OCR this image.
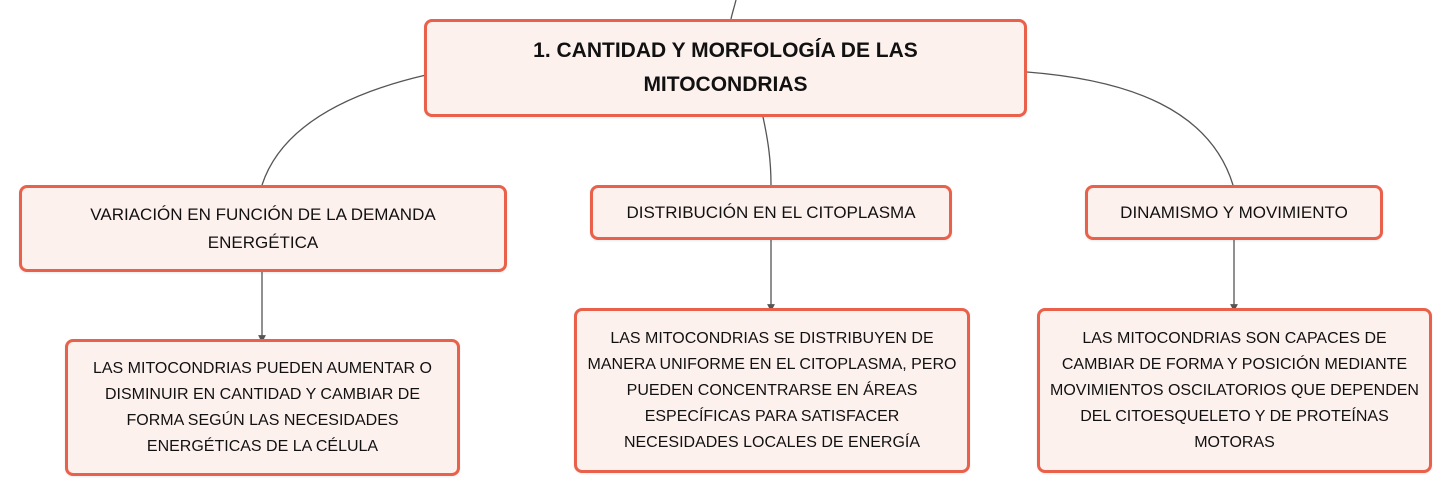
1. CANTIDAD Y MORFOLOGÍA DE LAS MITOCONDRIAS
VARIACIÓN EN FUNCIÓN DE LA DEMANDA ENERGÉTICA
DISTRIBUCIÓN EN EL CITOPLASMA	DINAMISMO Y MOVIMIENTO
LAS MITOCONDRIAS PUEDEN AUMENTAR O DISMINUIR EN CANTIDAD Y CAMBIAR DE FORMA SEGÚN LAS NECESIDADES ENERGÉTICAS DE LA CÉLULA
LAS MITOCONDRIAS SE DISTRIBUYEN DE MANERA UNIFORME EN EL CITOPLASMA, PERO PUEDEN CONCENTRARSE EN ÁREAS ESPECÍFICAS PARA SATISFACER NECESIDADES LOCALES DE ENERGÍA
LAS MITOCONDRIAS SON CAPACES DE CAMBIAR DE FORMA Y POSICIÓN MEDIANTE MOVIMIENTOS OSCILATORIOS QUE DEPENDEN DEL CITOESQUELETO Y DE PROTEÍNAS MOTORAS
